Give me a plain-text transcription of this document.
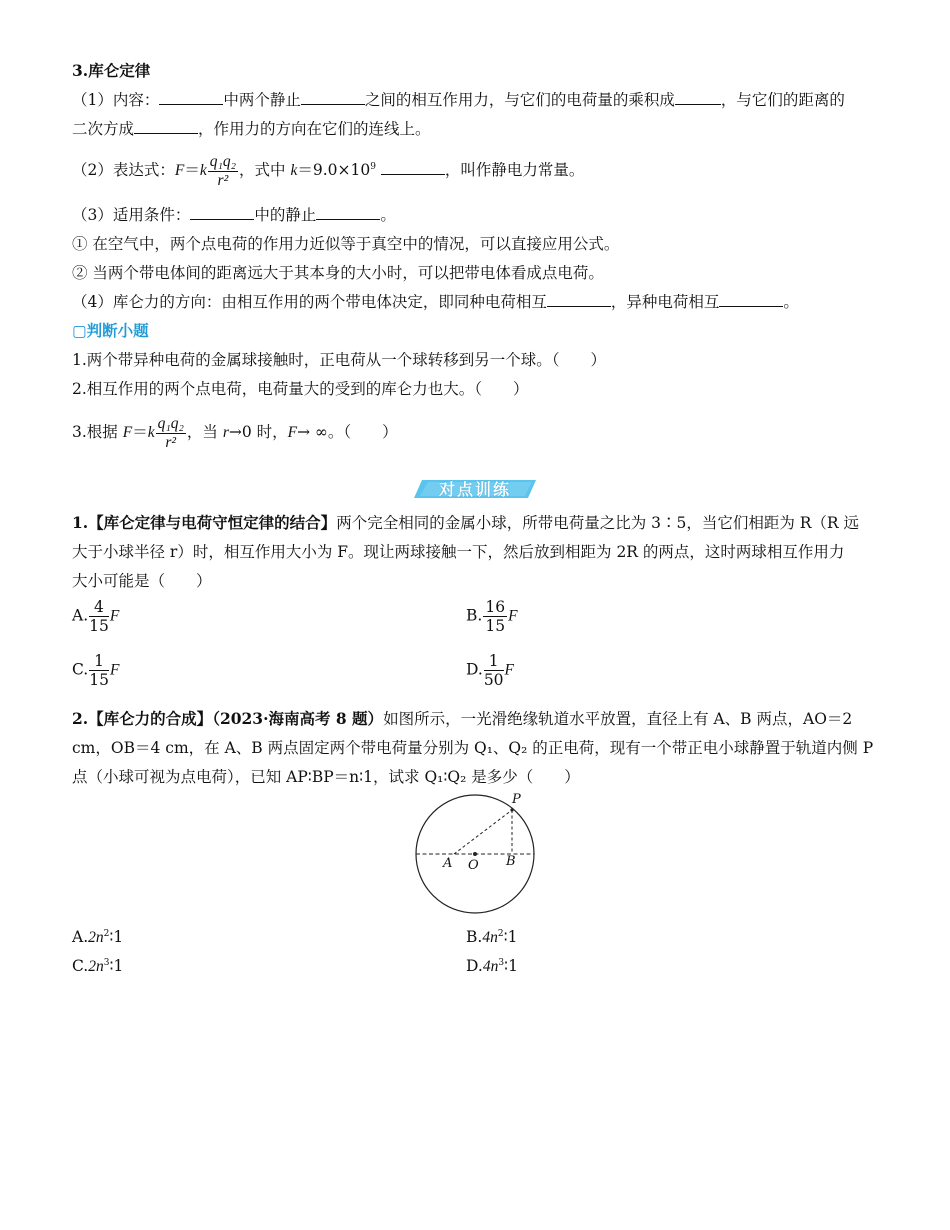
3.库仑定律
（1）内容：	中两个静止	之间的相互作用力，与它们的电荷量的乘积成	，与它们的距离的
二次方成	，作用力的方向在它们的连线上。
（2）表达式：$F=k \frac{\text{q₁q₂}}{\text{r²}}$ ，式中 $k=9.0\times 10^9$	，叫作静电力常量。
（3）适用条件：	中的静止	。
① 在空气中，两个点电荷的作用力近似等于真空中的情况，可以直接应用公式。
② 当两个带电体间的距离远大于其本身的大小时，可以把带电体看成点电荷。
（4）库仑力的方向：由相互作用的两个带电体决定，即同种电荷相互	，异种电荷相互	。
▢判断小题
1.两个带异种电荷的金属球接触时，正电荷从一个球转移到另一个球。（　　）
2.相互作用的两个点电荷，电荷量大的受到的库仑力也大。（　　）
3.根据 $F=k \frac{\text{q₁q₂}}{\text{r²}}$ ，当 r→0 时，F→ ∞。（　　）
对点训练
1.【库仑定律与电荷守恒定律的结合】两个完全相同的金属小球，所带电荷量之比为 3∶5，当它们相距为 R（R 远
大于小球半径 r）时，相互作用大小为 F。现让两球接触一下，然后放到相距为 2R 的两点，这时两球相互作用力
大小可能是（　　）
A. $\frac{4}{15}$ F	B. $\frac{16}{15}$ F
C. $\frac{1}{15}$ F	D. $\frac{1}{50}$ F
2.【库仑力的合成】（2023·海南高考 8 题）如图所示，一光滑绝缘轨道水平放置，直径上有 A、B 两点，AO＝2
cm，OB＝4 cm，在 A、B 两点固定两个带电荷量分别为 Q₁、Q₂ 的正电荷，现有一个带正电小球静置于轨道内侧 P
点（小球可视为点电荷），已知 AP∶BP＝n∶1，试求 Q₁∶Q₂ 是多少（　　）
P
A O B
$A.2n^2∶1$	$B.4n^2∶1$
$C.2n^3∶1$	$D.4n^3∶1$
